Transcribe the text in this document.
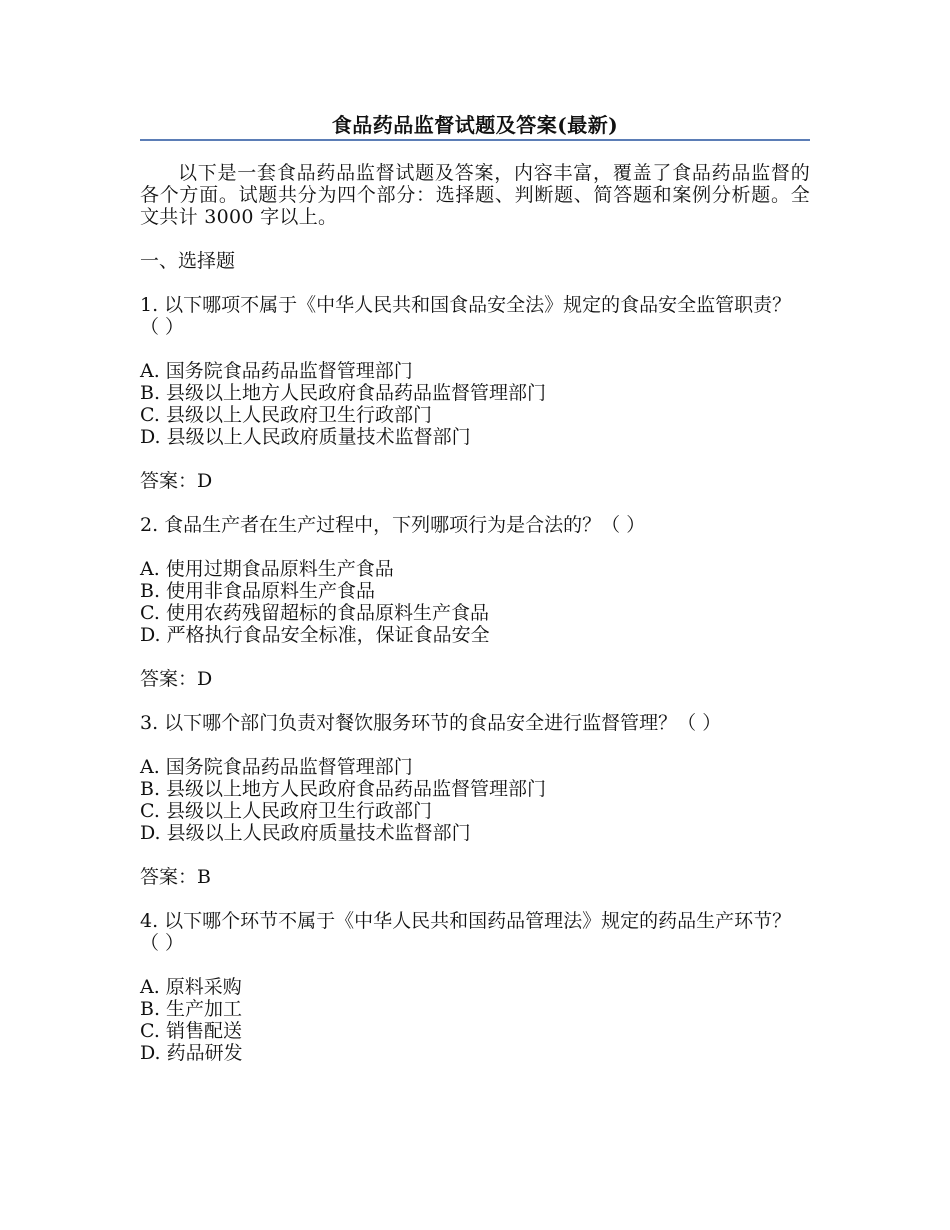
食品药品监督试题及答案(最新)

以下是一套食品药品监督试题及答案，内容丰富，覆盖了食品药品监督的各个方面。试题共分为四个部分：选择题、判断题、简答题和案例分析题。全文共计 3000 字以上。

一、选择题
1. 以下哪项不属于《中华人民共和国食品安全法》规定的食品安全监管职责？（ ）
A. 国务院食品药品监督管理部门
B. 县级以上地方人民政府食品药品监督管理部门
C. 县级以上人民政府卫生行政部门
D. 县级以上人民政府质量技术监督部门
答案：D
2. 食品生产者在生产过程中，下列哪项行为是合法的？（ ）
A. 使用过期食品原料生产食品
B. 使用非食品原料生产食品
C. 使用农药残留超标的食品原料生产食品
D. 严格执行食品安全标准，保证食品安全
答案：D
3. 以下哪个部门负责对餐饮服务环节的食品安全进行监督管理？（ ）
A. 国务院食品药品监督管理部门
B. 县级以上地方人民政府食品药品监督管理部门
C. 县级以上人民政府卫生行政部门
D. 县级以上人民政府质量技术监督部门
答案：B
4. 以下哪个环节不属于《中华人民共和国药品管理法》规定的药品生产环节？（ ）
A. 原料采购
B. 生产加工
C. 销售配送
D. 药品研发
